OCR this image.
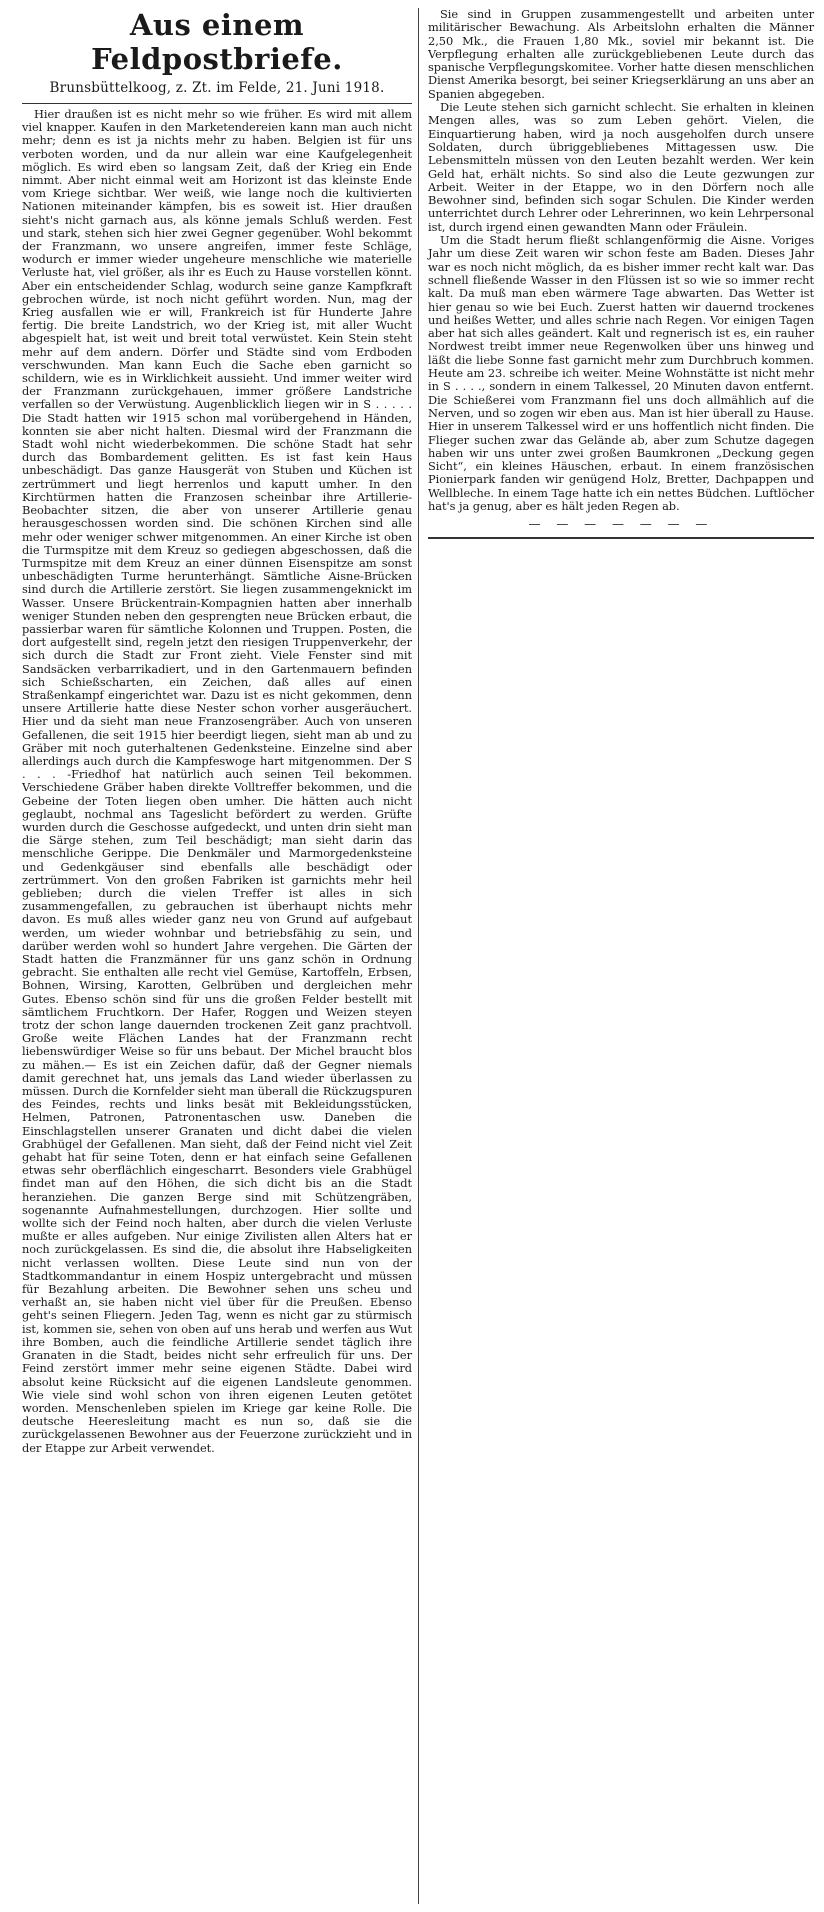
Aus einem Feldpostbriefe.
Brunsbüttelkoog, z. Zt. im Felde, 21. Juni 1918.

Hier draußen ist es nicht mehr so wie früher. Es wird mit allem viel knapper. Kaufen in den Marketendereien kann man auch nicht mehr; denn es ist ja nichts mehr zu haben. Belgien ist für uns verboten worden, und da nur allein war eine Kaufgelegenheit möglich. Es wird eben so langsam Zeit, daß der Krieg ein Ende nimmt. Aber nicht einmal weit am Horizont ist das kleinste Ende vom Kriege sichtbar. Wer weiß, wie lange noch die kultivierten Nationen miteinander kämpfen, bis es soweit ist. Hier draußen sieht's nicht garnach aus, als könne jemals Schluß werden. Fest und stark, stehen sich hier zwei Gegner gegenüber. Wohl bekommt der Franzmann, wo unsere angreifen, immer feste Schläge, wodurch er immer wieder ungeheure menschliche wie materielle Verluste hat, viel größer, als ihr es Euch zu Hause vorstellen könnt. Aber ein entscheidender Schlag, wodurch seine ganze Kampfkraft gebrochen würde, ist noch nicht geführt worden. Nun, mag der Krieg ausfallen wie er will, Frankreich ist für Hunderte Jahre fertig. Die breite Landstrich, wo der Krieg ist, mit aller Wucht abgespielt hat, ist weit und breit total verwüstet. Kein Stein steht mehr auf dem andern. Dörfer und Städte sind vom Erdboden verschwunden. Man kann Euch die Sache eben garnicht so schildern, wie es in Wirklichkeit aussieht. Und immer weiter wird der Franzmann zurückgehauen, immer größere Landstriche verfallen so der Verwüstung. Augenblicklich liegen wir in S . . . . . Die Stadt hatten wir 1915 schon mal vorübergehend in Händen, konnten sie aber nicht halten. Diesmal wird der Franzmann die Stadt wohl nicht wiederbekommen. Die schöne Stadt hat sehr durch das Bombardement gelitten. Es ist fast kein Haus unbeschädigt. Das ganze Hausgerät von Stuben und Küchen ist zertrümmert und liegt herrenlos und kaputt umher. In den Kirchtürmen hatten die Franzosen scheinbar ihre Artillerie-Beobachter sitzen, die aber von unserer Artillerie genau herausgeschossen worden sind. Die schönen Kirchen sind alle mehr oder weniger schwer mitgenommen. An einer Kirche ist oben die Turmspitze mit dem Kreuz so gediegen abgeschossen, daß die Turmspitze mit dem Kreuz an einer dünnen Eisenspitze am sonst unbeschädigten Turme herunterhängt. Sämtliche Aisne-Brücken sind durch die Artillerie zerstört. Sie liegen zusammengeknickt im Wasser. Unsere Brückentrain-Kompagnien hatten aber innerhalb weniger Stunden neben den gesprengten neue Brücken erbaut, die passierbar waren für sämtliche Kolonnen und Truppen. Posten, die dort aufgestellt sind, regeln jetzt den riesigen Truppenverkehr, der sich durch die Stadt zur Front zieht. Viele Fenster sind mit Sandsäcken verbarrikadiert, und in den Gartenmauern befinden sich Schießscharten, ein Zeichen, daß alles auf einen Straßenkampf eingerichtet war. Dazu ist es nicht gekommen, denn unsere Artillerie hatte diese Nester schon vorher ausgeräuchert. Hier und da sieht man neue Franzosengräber. Auch von unseren Gefallenen, die seit 1915 hier beerdigt liegen, sieht man ab und zu Gräber mit noch guterhaltenen Gedenksteine. Einzelne sind aber allerdings auch durch die Kampfeswoge hart mitgenommen. Der S . . . -Friedhof hat natürlich auch seinen Teil bekommen. Verschiedene Gräber haben direkte Volltreffer bekommen, und die Gebeine der Toten liegen oben umher. Die hätten auch nicht geglaubt, nochmal ans Tageslicht befördert zu werden. Grüfte wurden durch die Geschosse aufgedeckt, und unten drin sieht man die Särge stehen, zum Teil beschädigt; man sieht darin das menschliche Gerippe. Die Denkmäler und Marmorgedenksteine und Gedenkgäuser sind ebenfalls alle beschädigt oder zertrümmert. Von den großen Fabriken ist garnichts mehr heil geblieben; durch die vielen Treffer ist alles in sich zusammengefallen, zu gebrauchen ist überhaupt nichts mehr davon. Es muß alles wieder ganz neu von Grund auf aufgebaut werden, um wieder wohnbar und betriebsfähig zu sein, und darüber werden wohl so hundert Jahre vergehen. Die Gärten der Stadt hatten die Franzmänner für uns ganz schön in Ordnung gebracht. Sie enthalten alle recht viel Gemüse, Kartoffeln, Erbsen, Bohnen, Wirsing, Karotten, Gelbrüben und dergleichen mehr Gutes. Ebenso schön sind für uns die großen Felder bestellt mit sämtlichem Fruchtkorn. Der Hafer, Roggen und Weizen steyen trotz der schon lange dauernden trockenen Zeit ganz prachtvoll. Große weite Flächen Landes hat der Franzmann recht liebenswürdiger Weise so für uns bebaut. Der Michel braucht blos zu mähen.— Es ist ein Zeichen dafür, daß der Gegner niemals damit gerechnet hat, uns jemals das Land wieder überlassen zu müssen. Durch die Kornfelder sieht man überall die Rückzugspuren des Feindes, rechts und links besät mit Bekleidungsstücken, Helmen, Patronen, Patronentaschen usw. Daneben die Einschlagstellen unserer Granaten und dicht dabei die vielen Grabhügel der Gefallenen. Man sieht, daß der Feind nicht viel Zeit gehabt hat für seine Toten, denn er hat einfach seine Gefallenen etwas sehr oberflächlich eingescharrt. Besonders viele Grabhügel findet man auf den Höhen, die sich dicht bis an die Stadt heranziehen. Die ganzen Berge sind mit Schützengräben, sogenannte Aufnahmestellungen, durchzogen. Hier sollte und wollte sich der Feind noch halten, aber durch die vielen Verluste mußte er alles aufgeben. Nur einige Zivilisten allen Alters hat er noch zurückgelassen. Es sind die, die absolut ihre Habseligkeiten nicht verlassen wollten. Diese Leute sind nun von der Stadtkommandantur in einem Hospiz untergebracht und müssen für Bezahlung arbeiten. Die Bewohner sehen uns scheu und verhaßt an, sie haben nicht viel über für die Preußen. Ebenso geht's seinen Fliegern. Jeden Tag, wenn es nicht gar zu stürmisch ist, kommen sie, sehen von oben auf uns herab und werfen aus Wut ihre Bomben, auch die feindliche Artillerie sendet täglich ihre Granaten in die Stadt, beides nicht sehr erfreulich für uns. Der Feind zerstört immer mehr seine eigenen Städte. Dabei wird absolut keine Rücksicht auf die eigenen Landsleute genommen. Wie viele sind wohl schon von ihren eigenen Leuten getötet worden. Menschenleben spielen im Kriege gar keine Rolle. Die deutsche Heeresleitung macht es nun so, daß sie die zurückgelassenen Bewohner aus der Feuerzone zurückzieht und in der Etappe zur Arbeit verwendet.

Sie sind in Gruppen zusammengestellt und arbeiten unter militärischer Bewachung. Als Arbeitslohn erhalten die Männer 2,50 Mk., die Frauen 1,80 Mk., soviel mir bekannt ist. Die Verpflegung erhalten alle zurückgebliebenen Leute durch das spanische Verpflegungskomitee. Vorher hatte diesen menschlichen Dienst Amerika besorgt, bei seiner Kriegserklärung an uns aber an Spanien abgegeben.

Die Leute stehen sich garnicht schlecht. Sie erhalten in kleinen Mengen alles, was so zum Leben gehört. Vielen, die Einquartierung haben, wird ja noch ausgeholfen durch unsere Soldaten, durch übriggebliebenes Mittagessen usw. Die Lebensmitteln müssen von den Leuten bezahlt werden. Wer kein Geld hat, erhält nichts. So sind also die Leute gezwungen zur Arbeit. Weiter in der Etappe, wo in den Dörfern noch alle Bewohner sind, befinden sich sogar Schulen. Die Kinder werden unterrichtet durch Lehrer oder Lehrerinnen, wo kein Lehrpersonal ist, durch irgend einen gewandten Mann oder Fräulein.

Um die Stadt herum fließt schlangenförmig die Aisne. Voriges Jahr um diese Zeit waren wir schon feste am Baden. Dieses Jahr war es noch nicht möglich, da es bisher immer recht kalt war. Das schnell fließende Wasser in den Flüssen ist so wie so immer recht kalt. Da muß man eben wärmere Tage abwarten. Das Wetter ist hier genau so wie bei Euch. Zuerst hatten wir dauernd trockenes und heißes Wetter, und alles schrie nach Regen. Vor einigen Tagen aber hat sich alles geändert. Kalt und regnerisch ist es, ein rauher Nordwest treibt immer neue Regenwolken über uns hinweg und läßt die liebe Sonne fast garnicht mehr zum Durchbruch kommen. Heute am 23. schreibe ich weiter. Meine Wohnstätte ist nicht mehr in S . . . ., sondern in einem Talkessel, 20 Minuten davon entfernt. Die Schießerei vom Franzmann fiel uns doch allmählich auf die Nerven, und so zogen wir eben aus. Man ist hier überall zu Hause. Hier in unserem Talkessel wird er uns hoffentlich nicht finden. Die Flieger suchen zwar das Gelände ab, aber zum Schutze dagegen haben wir uns unter zwei großen Baumkronen „Deckung gegen Sicht“, ein kleines Häuschen, erbaut. In einem französischen Pionierpark fanden wir genügend Holz, Bretter, Dachpappen und Wellbleche. In einem Tage hatte ich ein nettes Büdchen. Luftlöcher hat's ja genug, aber es hält jeden Regen ab.

— — — — — — —
